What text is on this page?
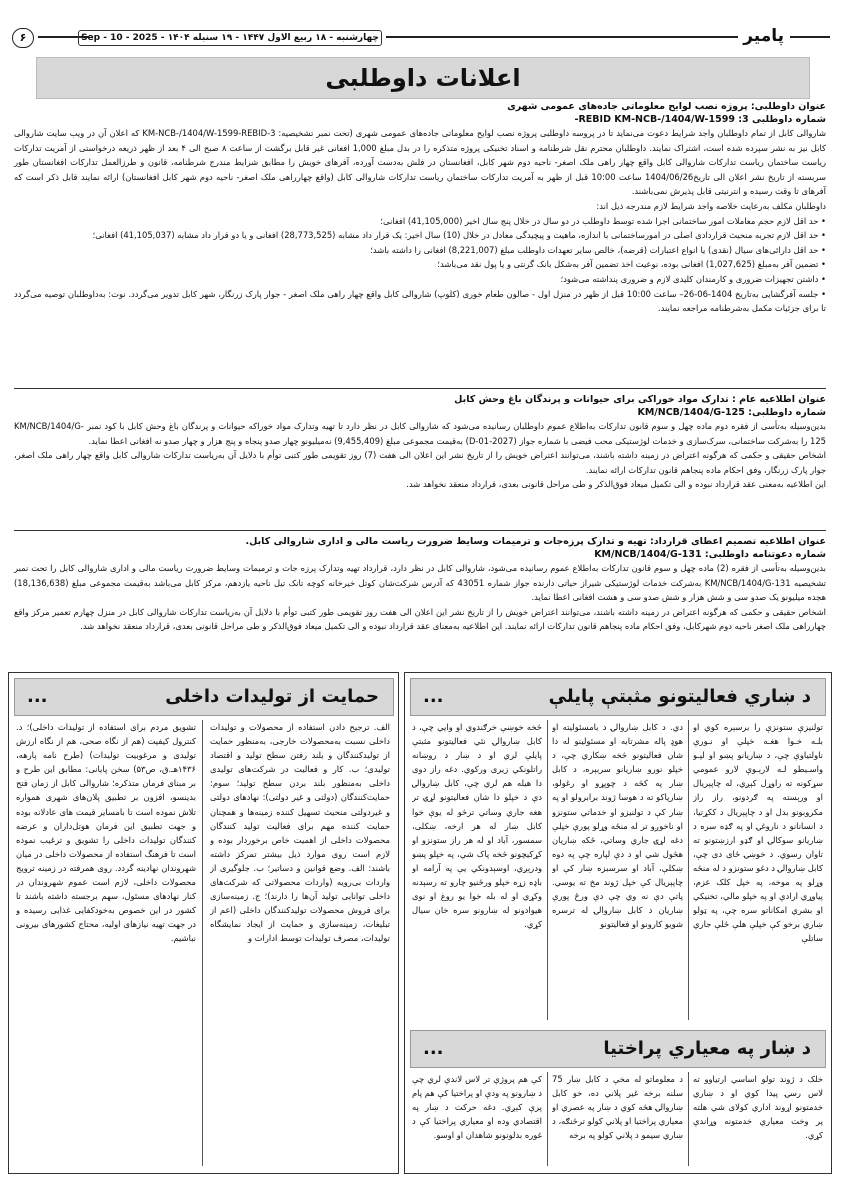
۶	چهارشنبه - ۱۸ ربیع الاول ۱۴۴۷ - ۱۹ سنبله ۱۴۰۴ - Sep - 10 - 2025	پامیر
اعلانات داوطلبی
عنوان داوطلبی: پروژه نصب لوایح معلوماتی جاده‌های عمومی شهری
شماره داوطلبی 3: REBID KM-NCB-/1404/W-1599-

شاروالی کابل از تمام داوطلبان واجد شرایط دعوت می‌نماید تا در پروسه داوطلبی پروژه نصب لوایح معلوماتی جاده‌های عمومی شهری (تحت نمبر تشخیصیه: KM-NCB-/1404/W-1599-REBID-3 که اعلان آن در ویب سایت شاروالی کابل نیز به نشر سپرده شده است، اشتراک نمایند. داوطلبان محترم نقل شرطنامه و اسناد تخنیکی پروژه متذکره را در بدل مبلغ 1,000 افغانی غیر قابل برگشت از ساعت ۸ صبح الی ۴ بعد از ظهر ذریعه درخواستی از آمریت تدارکات ریاست ساختمان ریاست تدارکات شاروالی کابل واقع چهار راهی ملک اصغر- ناحیه دوم شهر کابل، افغانستان در فلش به‌دست آورده، آفرهای خویش را مطابق شرایط مندرج شرطنامه، قانون و طرزالعمل تدارکات افغانستان طور سربسته از تاریخ نشر اعلان الی تاریخ1404/06/26 ساعت 10:00 قبل از ظهر به آمریت تدارکات ساختمان ریاست تدارکات شاروالی کابل (واقع چهارراهی ملک اصغر- ناحیه دوم شهر کابل افغانستان) ارائه نمایند قابل ذکر است که آفرهای تا وقت رسیده و انترنیتی قابل پذیرش نمی‌باشند.

داوطلبان مکلف به‌رعایت خلاصه واجد شرایط لازم مندرجه ذیل اند:

• حد اقل لازم حجم معاملات امور ساختمانی اجرا شده توسط داوطلب در دو سال در خلال پنج سال اخیر (41,105,000) افغانی؛

• حد اقل لازم تجربه منحیث قراردادی اصلی در امورساختمانی با اندازه، ماهیت و پیچیدگی معادل در خلال (10) سال اخیر: یک قرار داد مشابه (28,773,525) افغانی و یا دو قرار داد مشابه (41,105,037) افغانی؛

• حد اقل دارائی‌های سیال (نقدی) یا انواع اعتبارات (قرضه)، خالص سایر تعهدات داوطلب مبلغ (8,221,007) افغانی را داشته باشد؛

• تضمین آفر به‌مبلغ (1,027,625) افغانی بوده، نوعیت اخذ تضمین آفر به‌شکل بانک گرنتی و یا پول نقد می‌باشد؛

• داشتن تجهیزات ضروری و کارمندان کلیدی لازم و ضروری پنداشته می‌شود؛

• جلسه آفرگشایی به‌تاریخ 1404-06-26– ساعت 10:00 قبل از ظهر در منزل اول - صالون طعام خوری (کلوپ) شاروالی کابل واقع چهار راهی ملک اصغر - جوار پارک زرنگار، شهر کابل تدویر می‌گردد. نوت: به‌داوطلبان توصیه می‌گردد تا برای جزئیات مکمل به‌شرطنامه مراجعه نمایند.

عنوان اطلاعیه عام : تدارک مواد خوراکی برای حیوانات و پرندگان باغ وحش کابل
شماره داوطلبی: KM/NCB/1404/G-125

بدین‌وسیله به‌تأسی از فقره دوم ماده چهل و سوم قانون تدارکات به‌اطلاع عموم داوطلبان رسانیده می‌شود که شاروالی کابل در نظر دارد تا تهیه وتدارک مواد خوراکه حیوانات و پرندگان باغ وحش کابل با کود نمبر KM/NCB/1404/G-125 را به‌شرکت ساختمانی، سرک‌سازی و خدمات لوژستیکی محب فیضی با شماره جواز (2027-01-D) به‌قیمت مجموعی مبلغ (9,455,409) نه‌میلیونو چهار صدو پنجاه و پنج هزار و چهار صدو نه افغانی اعطا نماید.

اشخاص حقیقی و حکمی که هرگونه اعتراض در زمینه داشته باشند، می‌توانند اعتراض خویش را از تاریخ نشر این اعلان الی هفت (7) روز تقویمی طور کتبی توأم با دلایل آن به‌ریاست تدارکات شاروالی کابل واقع چهار راهی ملک اصغر، جوار پارک زرنگار، وفق احکام ماده پنجاهم قانون تدارکات ارائه نمایند.

این اطلاعیه به‌معنی عقد قرارداد نبوده و الی تکمیل میعاد فوق‌الذکر و طی مراحل قانونی بعدی، قرارداد منعقد نخواهد شد.

عنوان اطلاعیه تصمیم اعطای قرارداد: تهیه و تدارک پرزه‌جات و ترمیمات وسایط ضرورت ریاست مالی و اداری شاروالی کابل.
شماره دعوتنامه داوطلبی: KM/NCB/1404/G-131

بدین‌وسیله به‌تأسی از فقره (2) ماده چهل و سوم قانون تدارکات به‌اطلاع عموم رسانیده می‌شود، شاروالی کابل در نظر دارد، قرارداد تهیه وتدارک پرزه جات و ترمیمات وسایط ضرورت ریاست مالی و اداری شاروالی کابل را تحت نمبر تشخیصیه KM/NCB/1404/G-131 به‌شرکت خدمات لوژستیکی شیراز حیاتی دارنده جواز شماره 43051 که آدرس شرکت‌شان کوتل خیرخانه کوچه تانک تیل ناحیه یازدهم، مرکز کابل می‌باشد به‌قیمت مجموعی مبلغ (18,136,638) هجده میلیونو یک صدو سی و شش هزار و شش صدو سی و هشت افغانی اعطا نماید.

اشخاص حقیقی و حکمی که هرگونه اعتراض در زمینه داشته باشند، می‌توانند اعتراض خویش را از تاریخ نشر این اعلان الی هفت روز تقویمی طور کتبی توأم با دلایل آن به‌ریاست تدارکات شاروالی کابل در منزل چهارم تعمیر مرکز واقع چهارراهی ملک اصغر ناحیه دوم شهرکابل، وفق احکام ماده پنجاهم قانون تدارکات ارائه نمایند. این اطلاعیه به‌معنای عقد قرارداد نبوده و الی تکمیل میعاد فوق‌الذکر و طی مراحل قانونی بعدی، قرارداد منعقد نخواهد شد.

حمایت از تولیدات داخلی
...

الف. ترجیح دادن استفاده از محصولات و تولیدات داخلی نسبت به‌محصولات خارجی، به‌منظور حمایت از تولیدکنندگان و بلند رفتن سطح تولید و اقتصاد تولیدی؛ ب. کار و فعالیت در شرکت‌های تولیدی داخلی به‌منظور بلند بردن سطح تولید؛ سوم: حمایت‌کنندگان (دولتی و غیر دولتی): نهادهای دولتی و غیردولتی منحیث تسهیل کننده زمینه‌ها و همچنان حمایت کننده مهم برای فعالیت تولید کنندگان محصولات داخلی از اهمیت خاص برخوردار بوده و لازم است روی موارد ذیل بیشتر تمرکز داشته باشند: الف. وضع قوانین و دساتیر؛ ب. جلوگیری از واردات بی‌رویه (واردات محصولاتی که شرکت‌های داخلی توانایی تولید آن‌ها را دارند)؛ ج. زمینه‌سازی برای فروش محصولات تولیدکنندگان داخلی (اعم از تبلیغات، زمینه‌سازی و حمایت از ایجاد نمایشگاه تولیدات، مصرف تولیدات توسط ادارات و

تشویق مردم برای استفاده از تولیدات داخلی)؛ د. کنترول کیفیت (هم از نگاه صحی، هم از نگاه ارزش تولیدی و مرغوبیت تولیدات) (طرح نامه پارهه، ۱۴۳۶هـ.ق، ص۵۳) سخن پایانی: مطابق این طرح و بر مبنای فرمان متذکره؛ شاروالی کابل از زمان فتح بدینسو، افزون بر تطبیق پلان‌های شهری همواره تلاش نموده است تا بامسایر قیمت های عادلانه بوده و جهت تطبیق این فرمان هوتل‌داران و عرضه کنندگان تولیدات داخلی را تشویق و ترغیب نموده است تا فرهنگ استفاده از محصولات داخلی در میان شهروندان نهادینه گردد. روی همرفته در زمینه ترویج محصولات داخلی، لازم است عموم شهروندان در کنار نهادهای مسئول، سهم برجسته داشته باشند تا کشور در این خصوص به‌خودکفایی غذایی رسیده و در جهت تهیه نیازهای اولیه، محتاج کشورهای بیرونی نباشیم.

د ښاري فعالیتونو مثبتې پایلې
...

تولنیزې ستونزې را برسېره کوي او بلـه خـوا هغـه خپلې او نـورې ناولتیاوې چې، د ښاریانو پښو او لپـو واسـیطو لـه لارېـوې لارو عمومي سړکونه ته راوړل کېږي، له چاپېریال او ورېسته په ګردونو، راز راز مکروبونو بدل او د چاپېریال د ککړتیا، د انسانانو د ناروغۍ او په ګډه سره د ښاریانو سوکالۍ او ګډو ارزښتونو ته تاوان رسوي. د خوښۍ ځای دی چې، کابل ښاروالۍ د دغو ستونزو د له منځه وړلو په موخه، په خپل کلک عزم، پیاوړي ارادې او په خپلو مالي، تخنیکي او بشري امکاناتو سره چې، په ټولو ښاري برخو کې خپلې هلې ځلې جاري ساتلې

دي. د کابل ښاروالۍ د بامسئولیته او هوډ پاله مشرتابه او مسئولینو له دا شان فعالیتونو څخه ښکاري چې، د خپلو نورو ښاریانو سربېره، د کابل ښار په کڅه د چوپړو او رغولو، ښارپاکو ته د هوسا ژوند برابرولو او په ښار کې د تولنیزو او خدماتي ستونزو او ناخوږو تر له منځه وړلو پورې خپلې دغه لړۍ جاري وساتي، ځکه ښاریان هڅول شي او د دې لپاره چې په دوه ښکلې، آباد او سرسبزه ښار کې او چاپېریال کې خپل ژوند مخ ته یوسي. پاتې دې نه وي چې دې ورځ پورې ښاریان د کابل ښاروالۍ له ترسره شویو کارونو او فعالیتونو

څخه خوښې خرګندوي او وایي چې، د کابل ښاروالۍ نئي فعالیتونو مثبتې پایلې لري او د ښار د روښانه راتلونکي زیری ورکوي. دغه راز دوی دا هیله هم لري چې، کابل ښاروالۍ دې د خپلو دا شان فعالیتونو لړۍ تر هغه جاري وساتي ترڅو له یوې خوا کابل ښار له هر ارخه، ښکلی، سمسور، آباد او له هر راز ستونزو او کړکیچونو څخه پاک شي، په خپلو پښو ودرېږي، اوسېدونکي یې په آرامه او باډه زړه خپلو ورځنیو چارو ته رسېدنه وکړي او له بله خوا یو روغ او نوی هیوادونو له ښارونو سره خان سیال کړي.

د ښار په معیاري پراختیا
...

خلک د ژوند تولو اساسي ارتیاوو ته لاس رسۍ پیدا کوي او د ښاري خدمتونو اړوند اداري کولای شي هلته پر وخت معیاري خدمتونه وړاندې کړي.

د معلوماتو له مخې د کابل ښار 75 سلنه برخه غیر پلاني ده، خو کابل ښاروالۍ هڅه کوي د ښار په عصري او معیاري پراختیا او پلاني کولو ترڅنګه، د ښاري سیمو د پلاني کولو په برخه

کې هم پروژې تر لاس لاندې لري چې د ښارونو په ودې او پراختیا کې هم پام پرې کېږي. دغه حرکت د ښار په اقتصادي وده او معیاري پراختیا کې د غوره بدلونونو شاهدان او اوسو.
